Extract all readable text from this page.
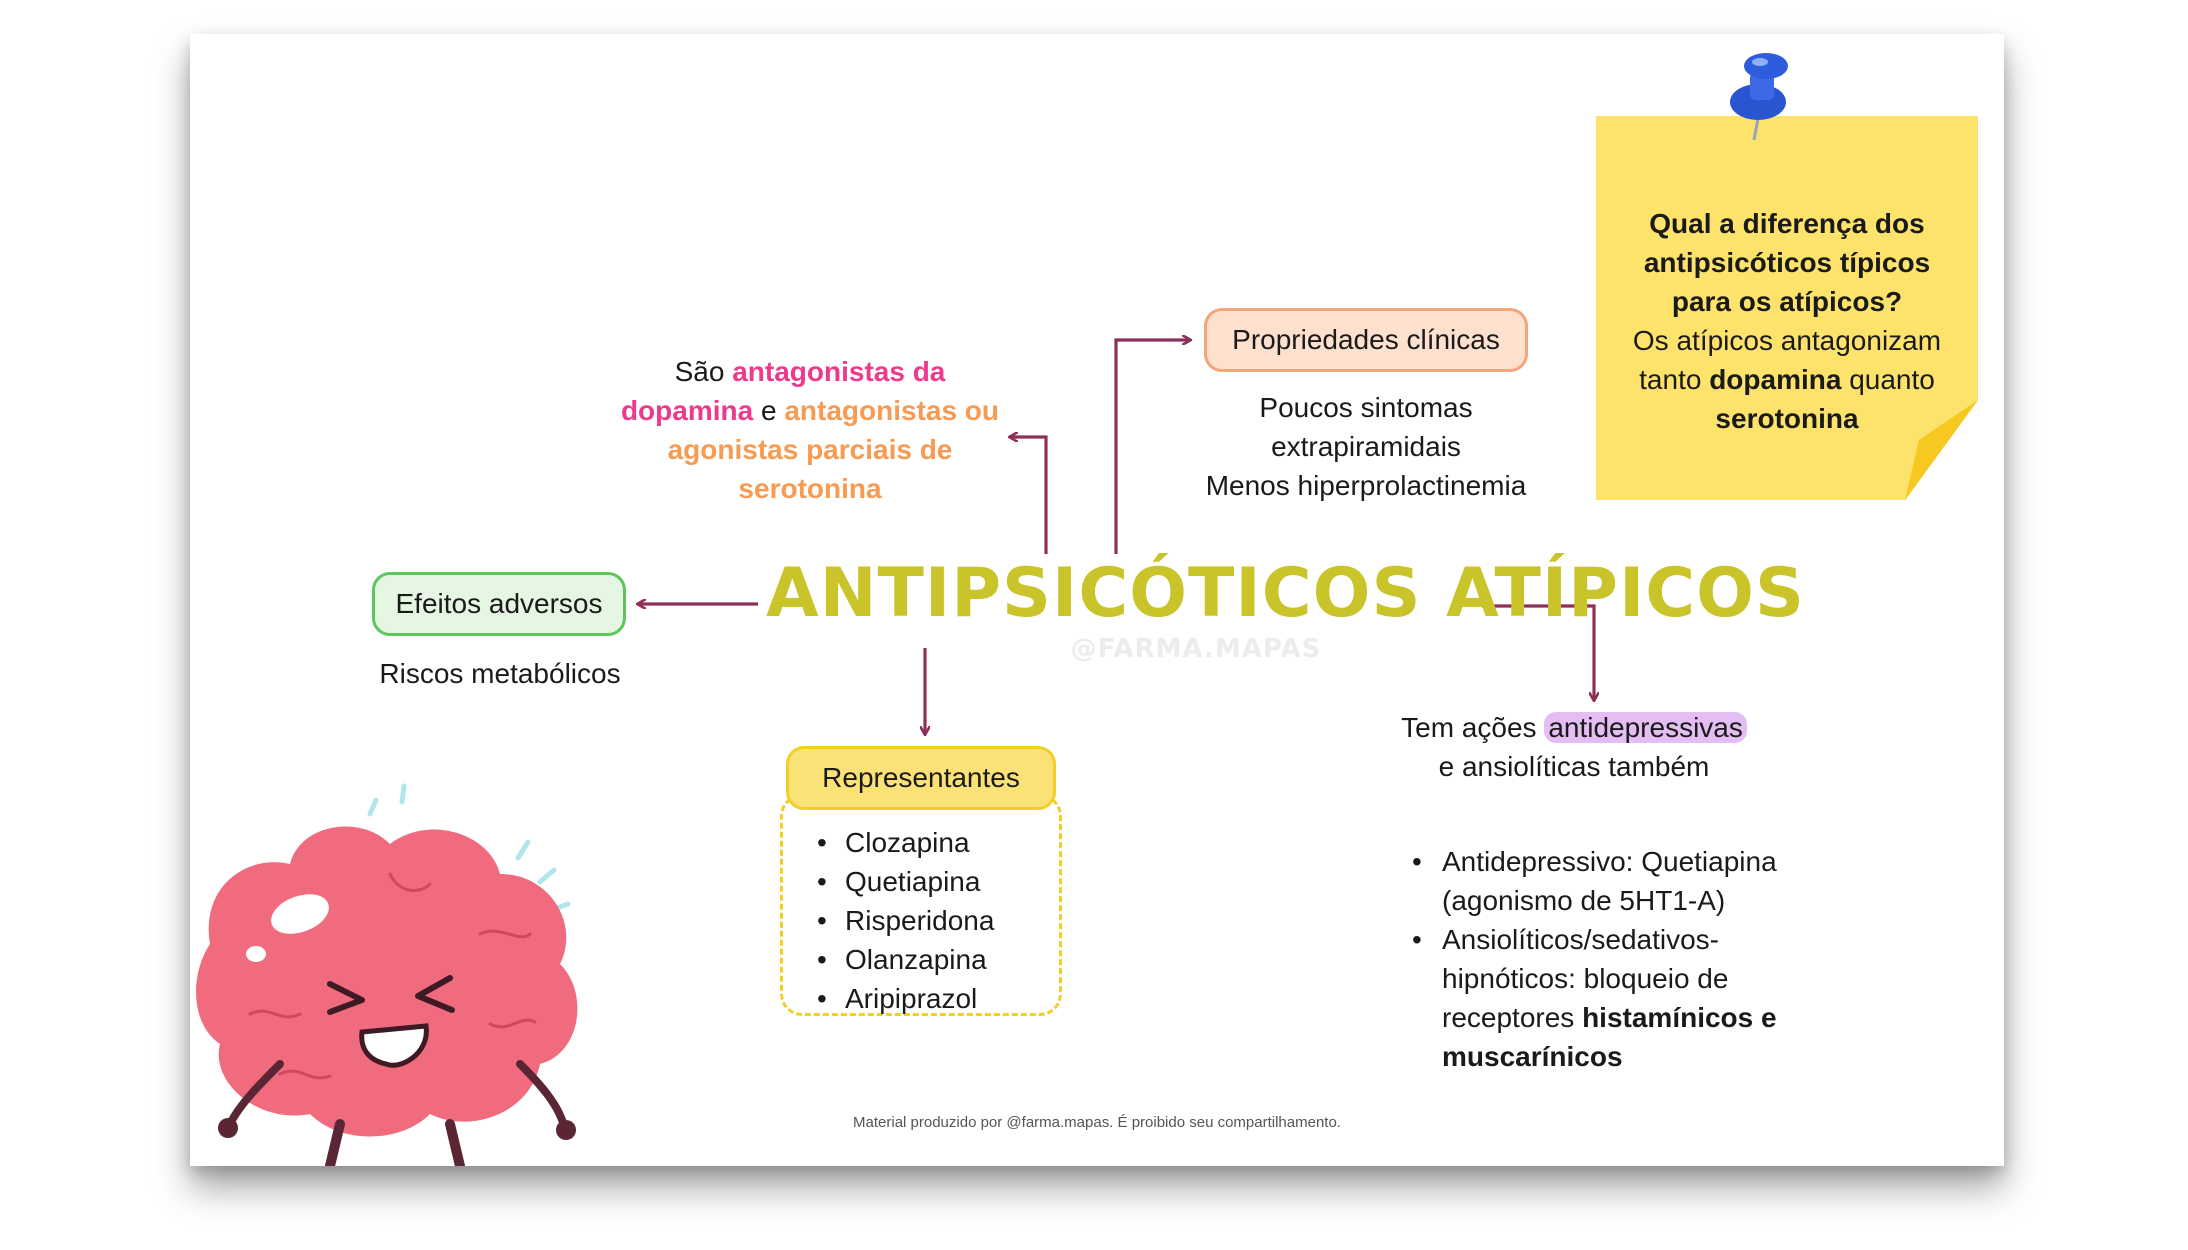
ANTIPSICÓTICOS ATÍPICOS
@FARMA.MAPAS
São antagonistas da dopamina e antagonistas ou agonistas parciais de serotonina
Propriedades clínicas
Poucos sintomas
extrapiramidais
Menos hiperprolactinemia
Efeitos adversos
Riscos metabólicos
Representantes
• Clozapina
• Quetiapina
• Risperidona
• Olanzapina
• Aripiprazol
Tem ações antidepressivas
e ansiolíticas também
• Antidepressivo: Quetiapina (agonismo de 5HT1-A)
• Ansiolíticos/sedativos-hipnóticos: bloqueio de receptores histamínicos e muscarínicos
Qual a diferença dos antipsicóticos típicos para os atípicos?
Os atípicos antagonizam tanto dopamina quanto serotonina
Material produzido por @farma.mapas. É proibido seu compartilhamento.
